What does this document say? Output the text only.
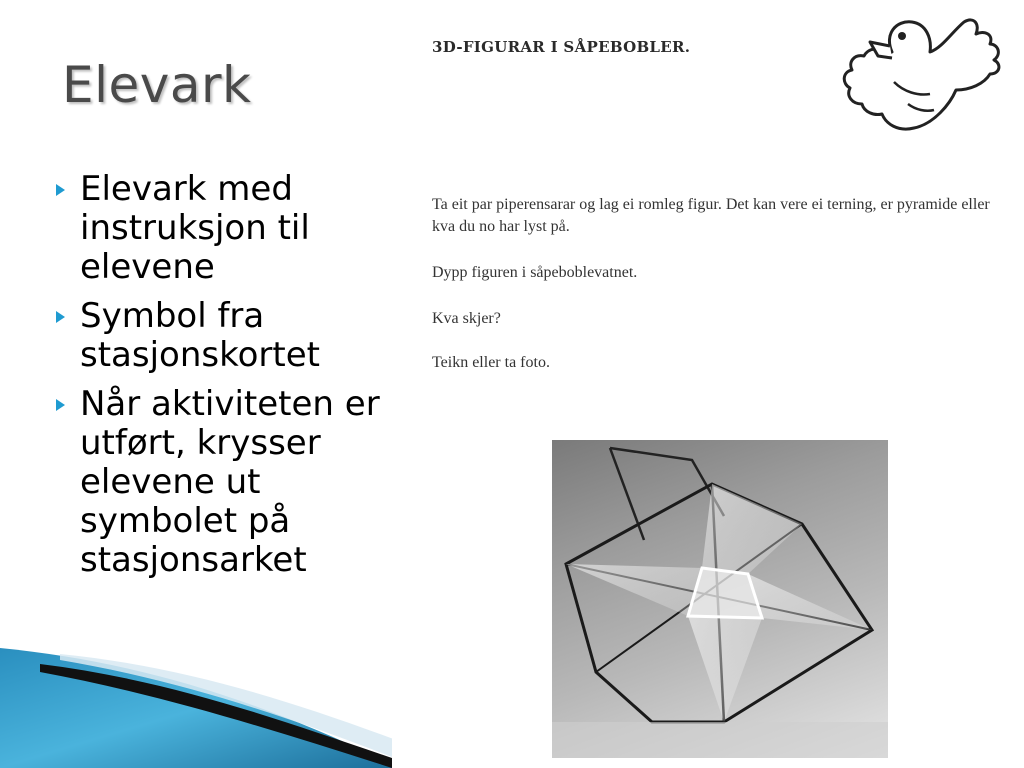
Elevark
Elevark med instruksjon til elevene
Symbol fra stasjonskortet
Når aktiviteten er utført, krysser elevene ut symbolet på stasjonsarket
3D-FIGURAR I SÅPEBOBLER.
Ta eit par piperensarar og lag ei romleg figur. Det kan vere ei terning, er pyramide eller kva du no har lyst på.
Dypp figuren i såpeboblevatnet.
Kva skjer?
Teikn eller ta foto.
